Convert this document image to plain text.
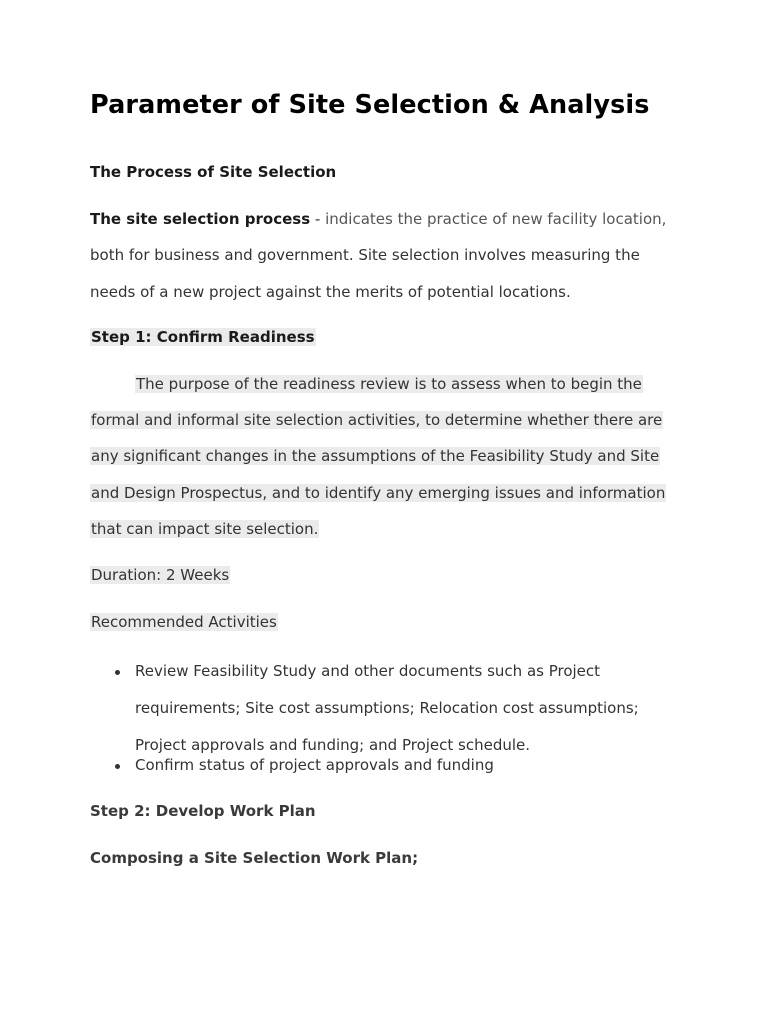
Parameter of Site Selection & Analysis
The Process of Site Selection
The site selection process - indicates the practice of new facility location,
both for business and government. Site selection involves measuring the
needs of a new project against the merits of potential locations.
Step 1: Confirm Readiness
The purpose of the readiness review is to assess when to begin the
formal and informal site selection activities, to determine whether there are
any significant changes in the assumptions of the Feasibility Study and Site
and Design Prospectus, and to identify any emerging issues and information
that can impact site selection.
Duration: 2 Weeks
Recommended Activities
Review Feasibility Study and other documents such as Project
requirements; Site cost assumptions; Relocation cost assumptions;
Project approvals and funding; and Project schedule.
Confirm status of project approvals and funding
Step 2: Develop Work Plan
Composing a Site Selection Work Plan;
